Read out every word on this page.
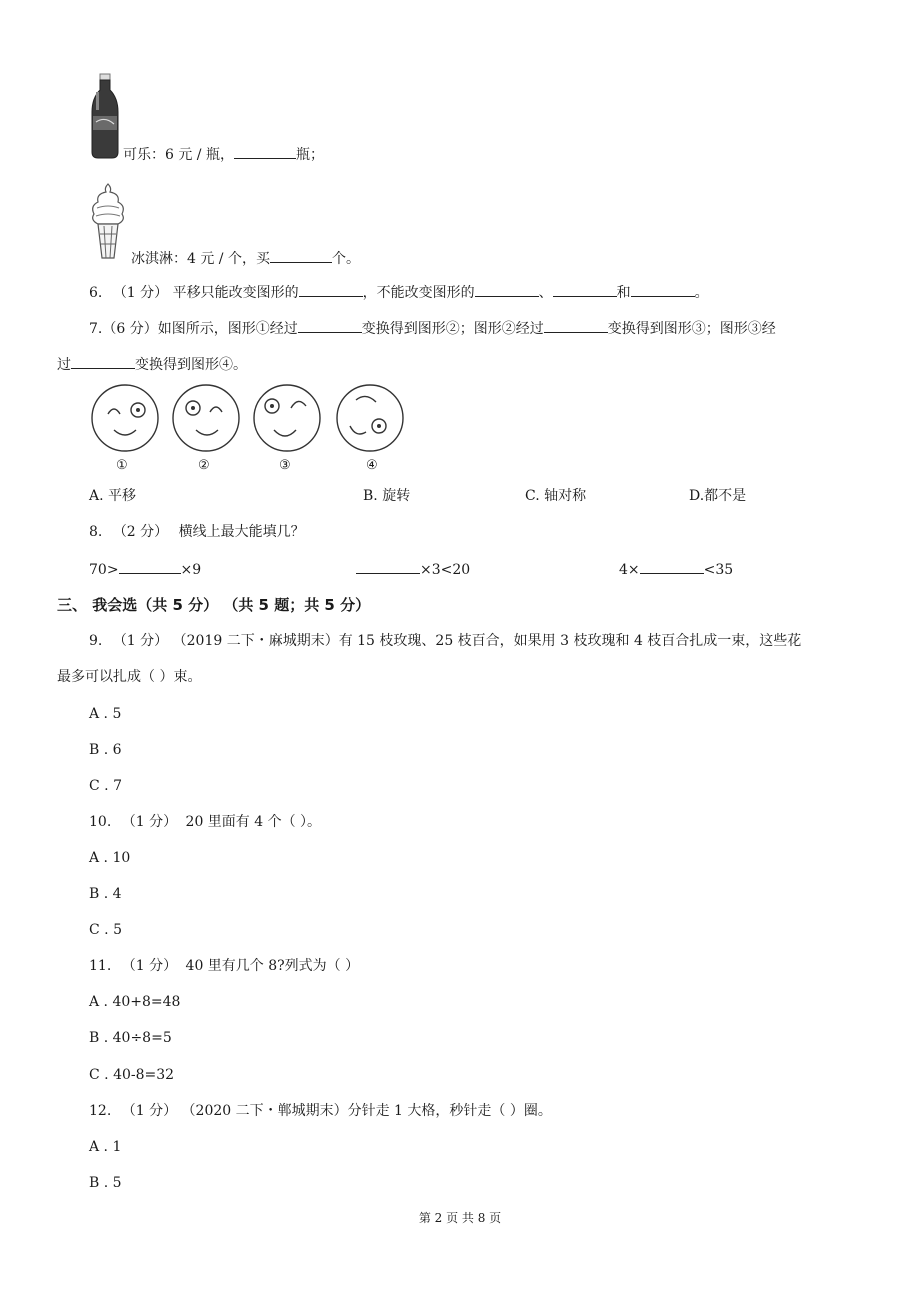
可乐：6 元 / 瓶，	瓶；
冰淇淋：4 元 / 个，买	个。
6. （1 分） 平移只能改变图形的	，不能改变图形的	、	和	。
7.（6 分）如图所示，图形①经过	变换得到图形②；图形②经过	变换得到图形③；图形③经
过	变换得到图形④。
①	②	③	④
A. 平移	B. 旋转	C. 轴对称	D.都不是
8. （2 分） 横线上最大能填几？
70>	×9	×3<20	4×	<35
三、 我会选（共 5 分） （共 5 题；共 5 分）
9. （1 分） （2019 二下・麻城期末）有 15 枝玫瑰、25 枝百合，如果用 3 枝玫瑰和 4 枝百合扎成一束，这些花
最多可以扎成（ ）束。
A . 5
B . 6
C . 7
10. （1 分） 20 里面有 4 个（ ）。
A . 10
B . 4
C . 5
11. （1 分） 40 里有几个 8?列式为（ ）
A . 40+8=48
B . 40÷8=5
C . 40-8=32
12. （1 分） （2020 二下・郸城期末）分针走 1 大格，秒针走（ ）圈。
A . 1
B . 5
第 2 页 共 8 页
